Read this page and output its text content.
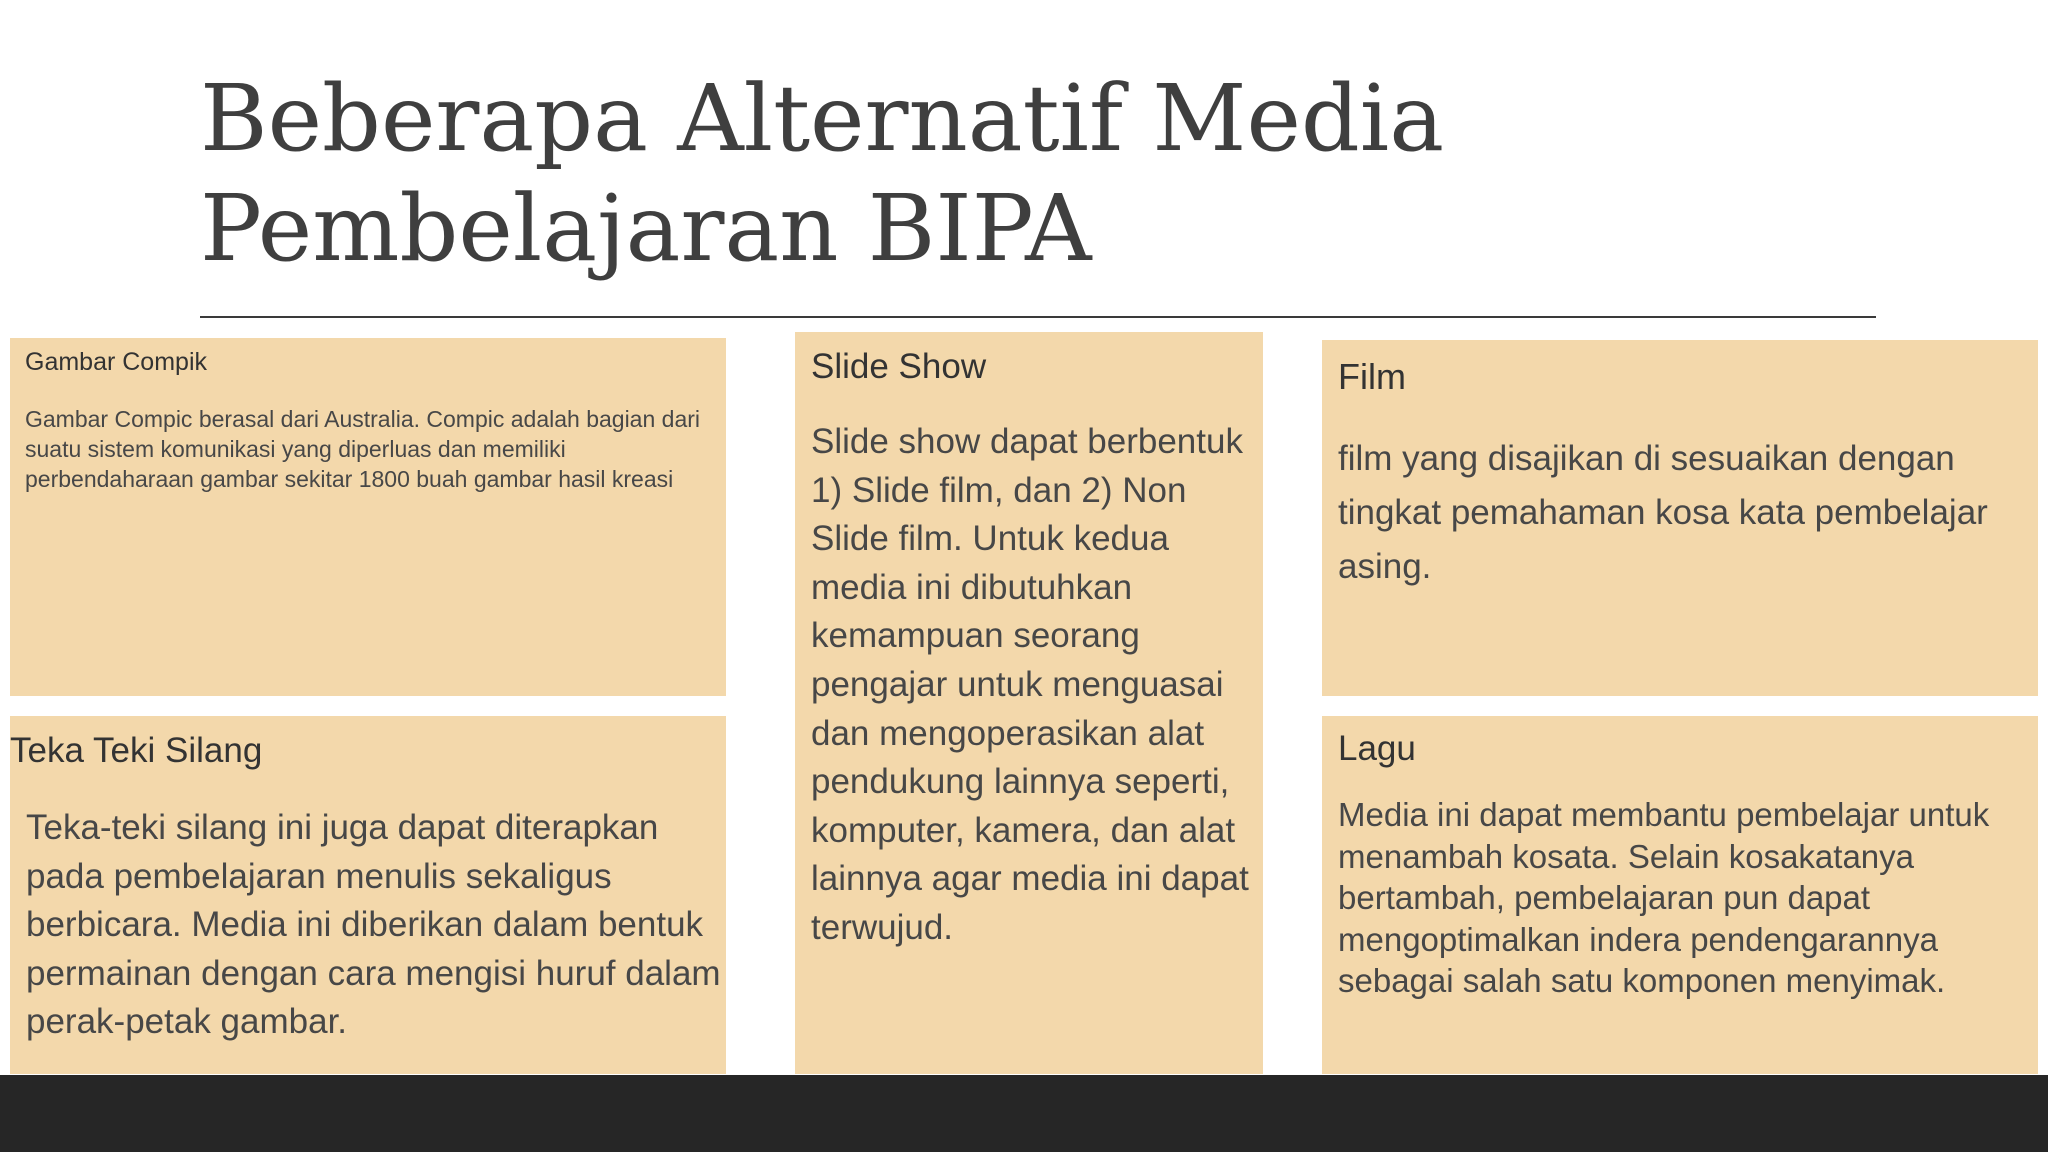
Beberapa Alternatif Media
Pembelajaran BIPA
Gambar Compik

Gambar Compic berasal dari Australia. Compic adalah bagian dari suatu sistem komunikasi yang diperluas dan memiliki perbendaharaan gambar sekitar 1800 buah gambar hasil kreasi

Slide Show

Slide show dapat berbentuk 1) Slide film, dan 2) Non Slide film. Untuk kedua media ini dibutuhkan kemampuan seorang pengajar untuk menguasai dan mengoperasikan alat pendukung lainnya seperti, komputer, kamera, dan alat lainnya agar media ini dapat terwujud.

Film

film yang disajikan di sesuaikan dengan tingkat pemahaman kosa kata pembelajar asing.

Teka Teki Silang

Teka-teki silang ini juga dapat diterapkan pada pembelajaran menulis sekaligus berbicara. Media ini diberikan dalam bentuk permainan dengan cara mengisi huruf dalam perak-petak gambar.

Lagu

Media ini dapat membantu pembelajar untuk menambah kosata. Selain kosakatanya bertambah, pembelajaran pun dapat mengoptimalkan indera pendengarannya sebagai salah satu komponen menyimak.
